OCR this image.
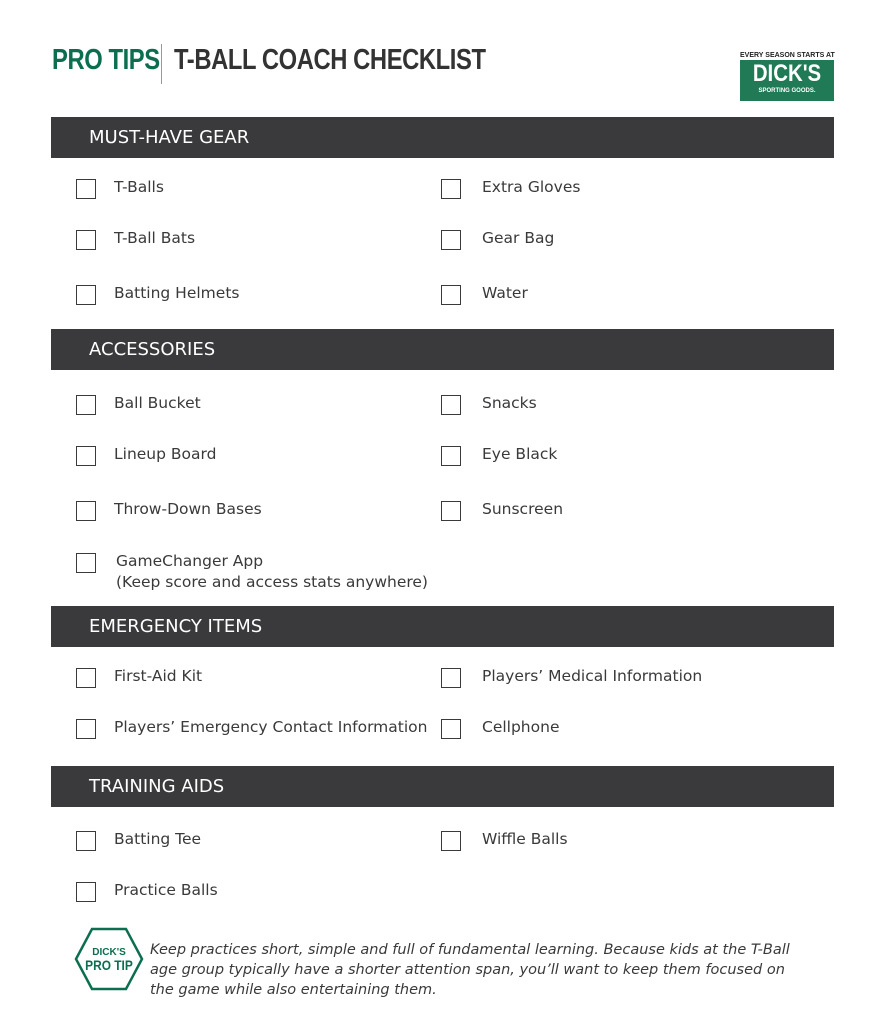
PRO TIPS T-BALL COACH CHECKLIST	EVERY SEASON STARTS AT
DICK'S
SPORTING GOODS.
MUST-HAVE GEAR
T-Balls
T-Ball Bats
Batting Helmets
Extra Gloves
Gear Bag
Water
ACCESSORIES
Ball Bucket
Lineup Board
Throw-Down Bases
GameChanger App
Snacks
Eye Black
Sunscreen
EMERGENCY ITEMS
First-Aid Kit
Players’ Emergency Contact Information
Players’ Medical Information
Cellphone
TRAINING AIDS
Batting Tee
Practice Balls
Wiffle Balls
(Keep score and access stats anywhere)
DICK'S
PRO TIP
Keep practices short, simple and full of fundamental learning. Because kids at the T-Ball age group typically have a shorter attention span, you’ll want to keep them focused on the game while also entertaining them.
